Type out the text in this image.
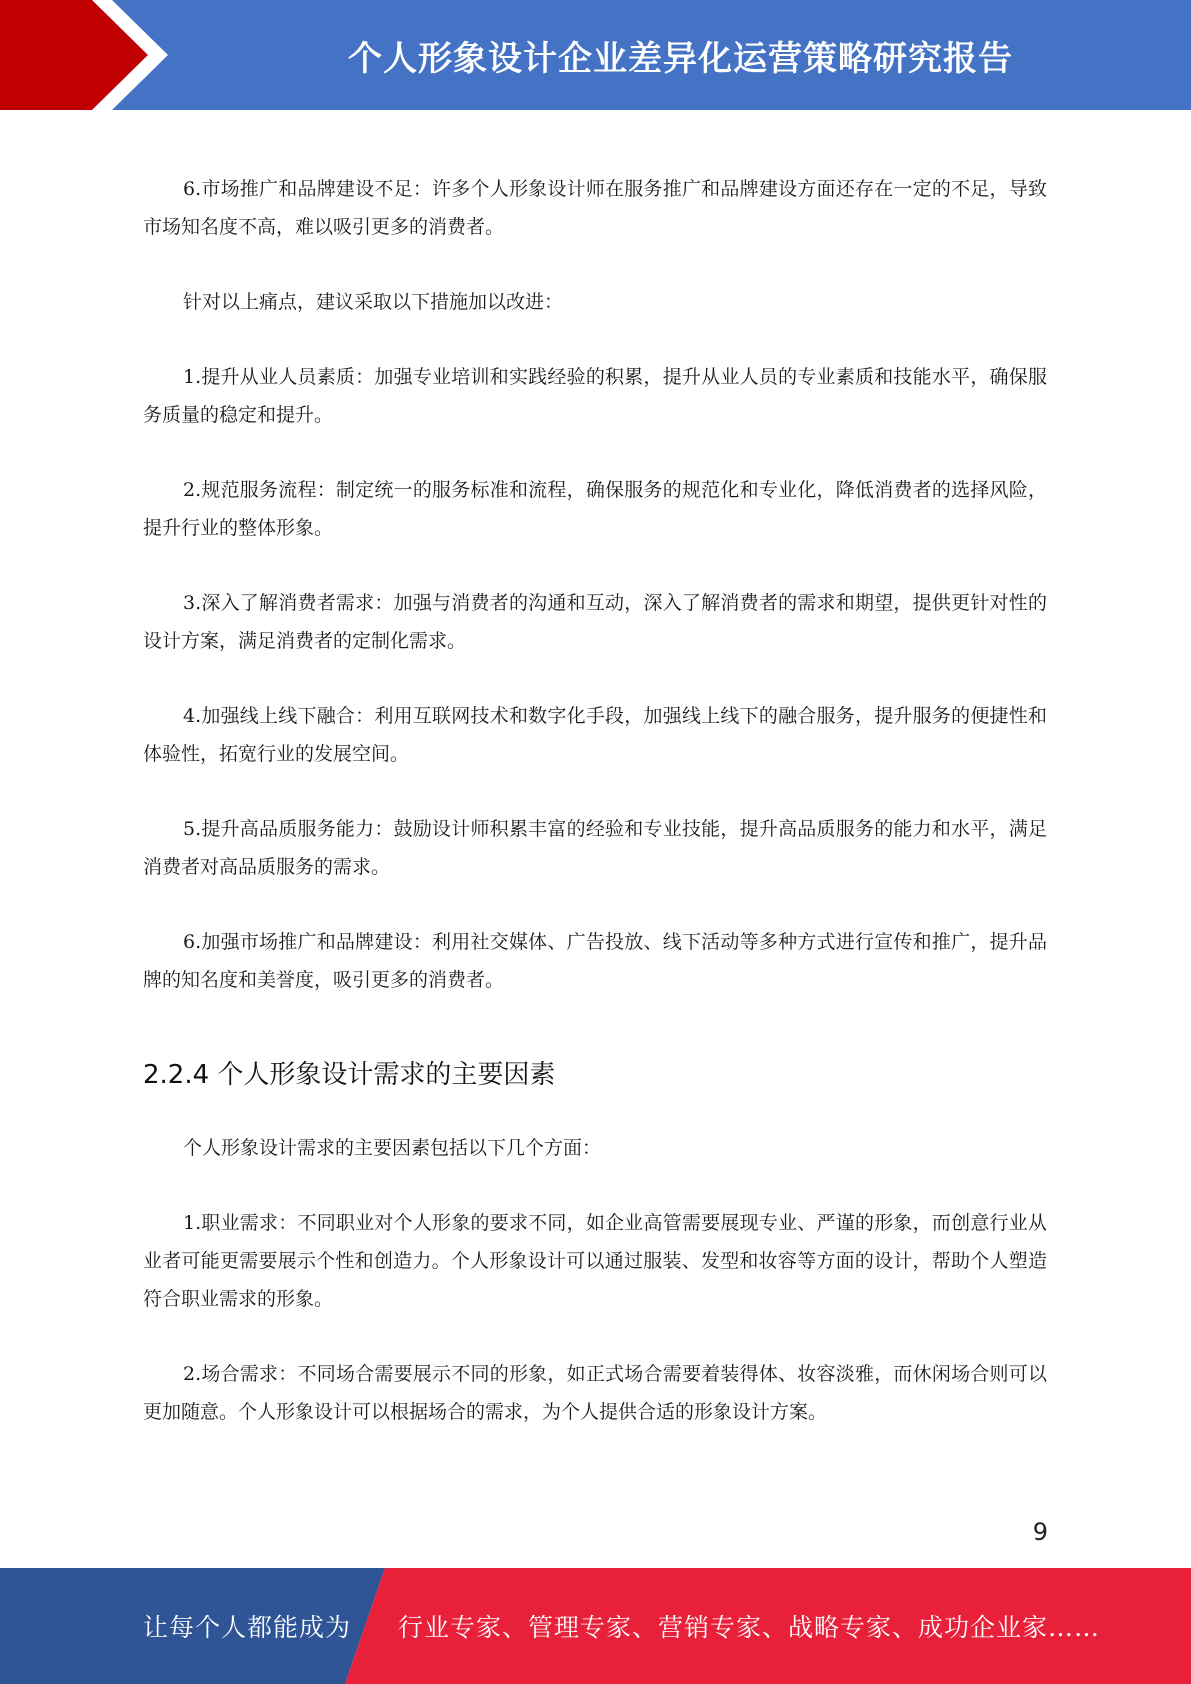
个人形象设计企业差异化运营策略研究报告

6.市场推广和品牌建设不足：许多个人形象设计师在服务推广和品牌建设方面还存在一定的不足，导致市场知名度不高，难以吸引更多的消费者。

针对以上痛点，建议采取以下措施加以改进：

1.提升从业人员素质：加强专业培训和实践经验的积累，提升从业人员的专业素质和技能水平，确保服务质量的稳定和提升。

2.规范服务流程：制定统一的服务标准和流程，确保服务的规范化和专业化，降低消费者的选择风险，提升行业的整体形象。

3.深入了解消费者需求：加强与消费者的沟通和互动，深入了解消费者的需求和期望，提供更针对性的设计方案，满足消费者的定制化需求。

4.加强线上线下融合：利用互联网技术和数字化手段，加强线上线下的融合服务，提升服务的便捷性和体验性，拓宽行业的发展空间。

5.提升高品质服务能力：鼓励设计师积累丰富的经验和专业技能，提升高品质服务的能力和水平，满足消费者对高品质服务的需求。

6.加强市场推广和品牌建设：利用社交媒体、广告投放、线下活动等多种方式进行宣传和推广，提升品牌的知名度和美誉度，吸引更多的消费者。

2.2.4 个人形象设计需求的主要因素

个人形象设计需求的主要因素包括以下几个方面：

1.职业需求：不同职业对个人形象的要求不同，如企业高管需要展现专业、严谨的形象，而创意行业从业者可能更需要展示个性和创造力。个人形象设计可以通过服装、发型和妆容等方面的设计，帮助个人塑造符合职业需求的形象。

2.场合需求：不同场合需要展示不同的形象，如正式场合需要着装得体、妆容淡雅，而休闲场合则可以更加随意。个人形象设计可以根据场合的需求，为个人提供合适的形象设计方案。

9
让每个人都能成为 行业专家、管理专家、营销专家、战略专家、成功企业家……
